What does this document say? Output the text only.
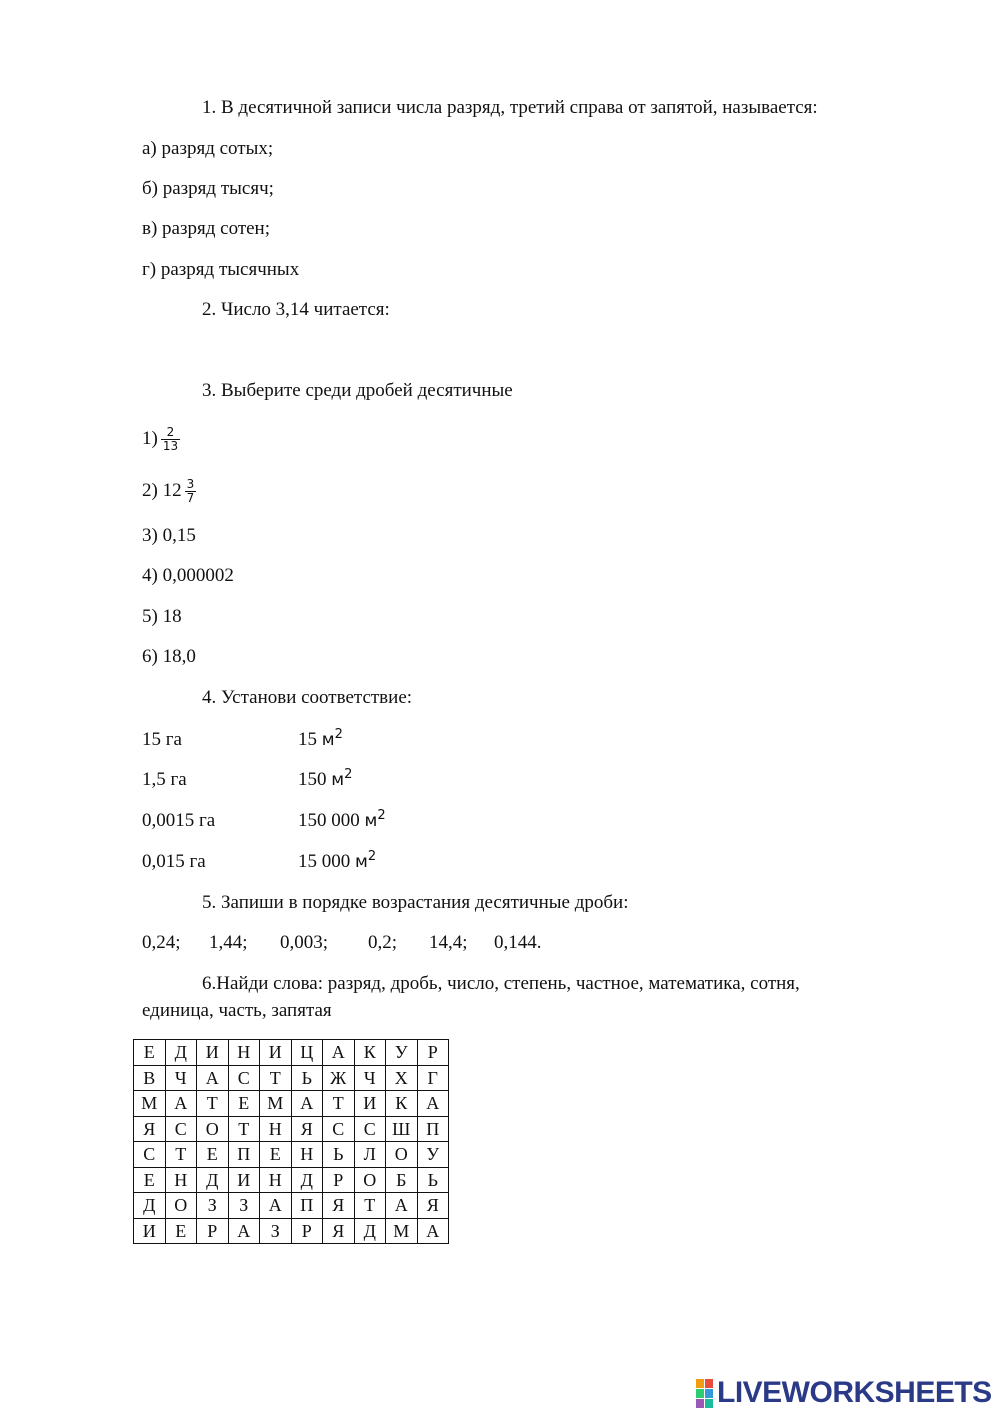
1. В десятичной записи числа разряд, третий справа от запятой, называется:
а) разряд сотых;
б) разряд тысяч;
в) разряд сотен;
г) разряд тысячных
2. Число 3,14 читается:
3. Выберите среди дробей десятичные
$1) \frac{2}{13}$
2) $12 \frac{3}{7}$
3) 0,15
4) 0,000002
5) 18
6) 18,0
4. Установи соответствие:
15 га	15 $м^2$
1,5 га	150 $м^2$
0,0015 га	150 000 $м^2$
0,015 га	15 000 $м^2$
5. Запиши в порядке возрастания десятичные дроби:
0,24; 1,44; 0,003; 0,2; 14,4; 0,144.
6.Найди слова: разряд, дробь, число, степень, частное, математика, сотня,
единица, часть, запятая
Е	Д	И	Н	И	Ц	А	К	У	Р
В	Ч	А	С	Т	Ь	Ж	Ч	Х	Г
М	А	Т	Е	М	А	Т	И	К	А
Я	С	О	Т	Н	Я	С	С	Ш	П
С	Т	Е	П	Е	Н	Ь	Л	О	У
Е	Н	Д	И	Н	Д	Р	О	Б	Ь
Д	О	З	З	А	П	Я	Т	А	Я
И	Е	Р	А	З	Р	Я	Д	М	А
LIVEWORKSHEETS
